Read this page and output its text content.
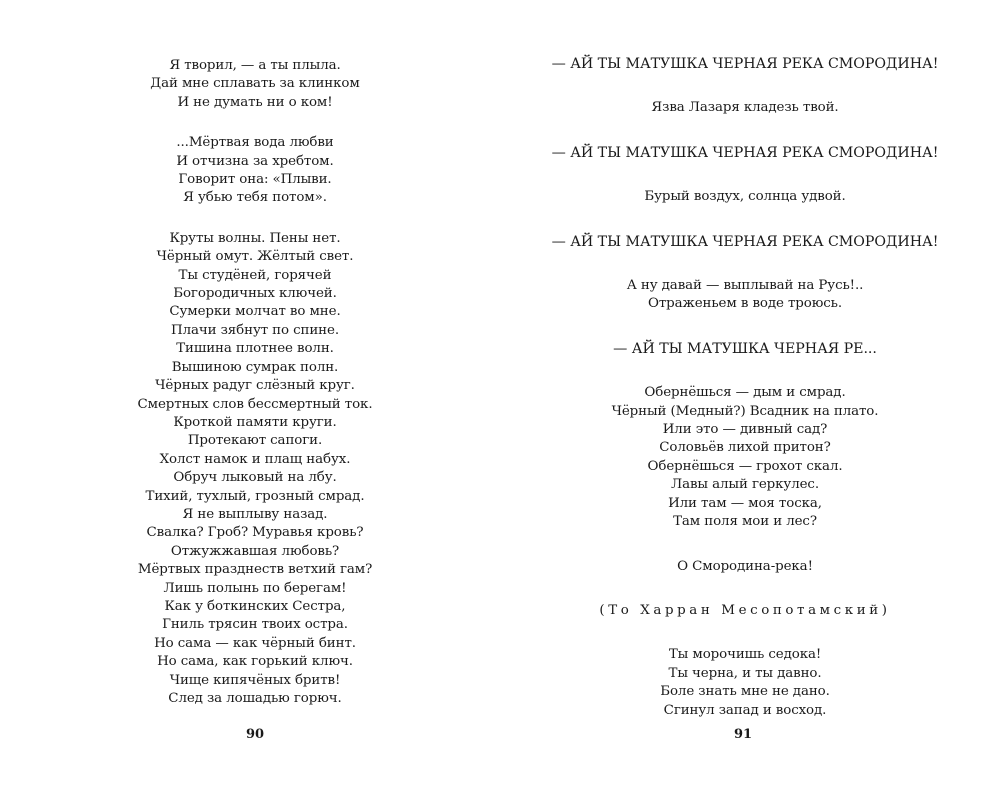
Я творил, — а ты плыла.
Дай мне сплавать за клинком
И не думать ни о ком!
...Мёртвая вода любви
И отчизна за хребтом.
Говорит она: «Плыви.
Я убью тебя потом».
Круты волны. Пены нет.
Чёрный омут. Жёлтый свет.
Ты студёней, горячей
Богородичных ключей.
Сумерки молчат во мне.
Плачи зябнут по спине.
Тишина плотнее волн.
Вышиною сумрак полн.
Чёрных радуг слёзный круг.
Смертных слов бессмертный ток.
Кроткой памяти круги.
Протекают сапоги.
Холст намок и плащ набух.
Обруч лыковый на лбу.
Тихий, тухлый, грозный смрад.
Я не выплыву назад.
Свалка? Гроб? Муравья кровь?
Отжужжавшая любовь?
Мёртвых празднеств ветхий гам?
Лишь полынь по берегам!
Как у боткинских Сестра,
Гниль трясин твоих остра.
Но сама — как чёрный бинт.
Но сама, как горький ключ.
Чище кипячёных бритв!
След за лошадью горюч.
90
— АЙ ТЫ МАТУШКА ЧЕРНАЯ РЕКА СМОРОДИНА!
Язва Лазаря кладезь твой.
— АЙ ТЫ МАТУШКА ЧЕРНАЯ РЕКА СМОРОДИНА!
Бурый воздух, солнца удвой.
— АЙ ТЫ МАТУШКА ЧЕРНАЯ РЕКА СМОРОДИНА!
А ну давай — выплывай на Русь!..
Отраженьем в воде троюсь.
— АЙ ТЫ МАТУШКА ЧЕРНАЯ РЕ...
Обернёшься — дым и смрад.
Чёрный (Медный?) Всадник на плато.
Или это — дивный сад?
Соловьёв лихой притон?
Обернёшься — грохот скал.
Лавы алый геркулес.
Или там — моя тоска,
Там поля мои и лес?
О Смородина-река!
(То Харран Месопотамский)
Ты морочишь седока!
Ты черна, и ты давно.
Боле знать мне не дано.
Сгинул запад и восход.
91
